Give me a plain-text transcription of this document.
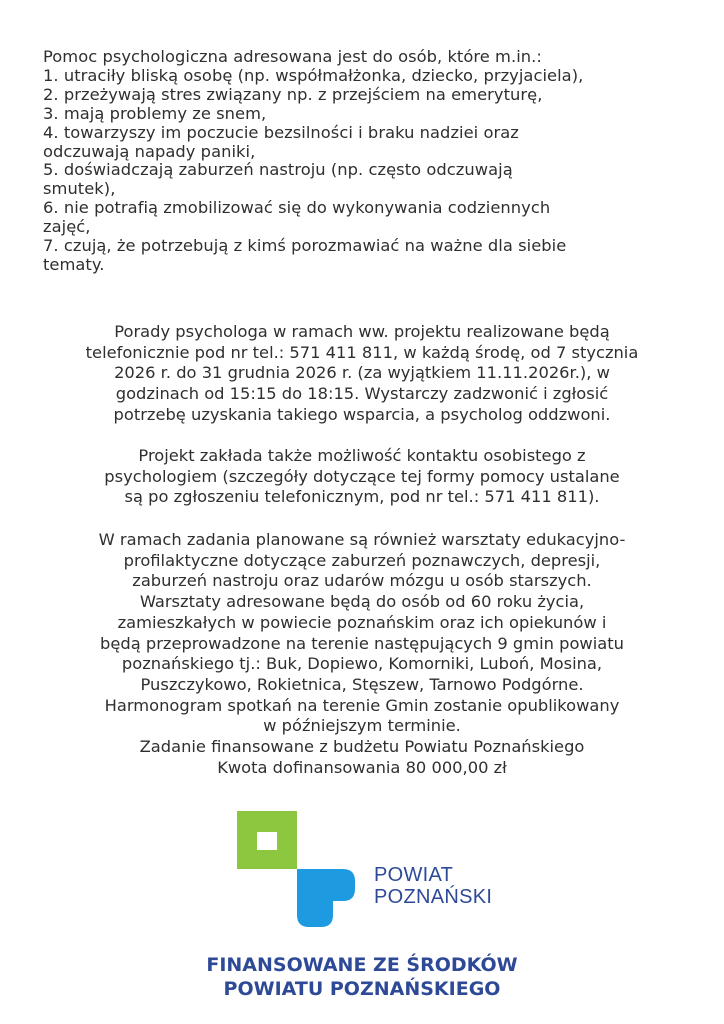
Pomoc psychologiczna adresowana jest do osób, które m.in.:
1. utraciły bliską osobę (np. współmałżonka, dziecko, przyjaciela),
2. przeżywają stres związany np. z przejściem na emeryturę,
3. mają problemy ze snem,
4. towarzyszy im poczucie bezsilności i braku nadziei oraz
odczuwają napady paniki,
5. doświadczają zaburzeń nastroju (np. często odczuwają
smutek),
6. nie potrafią zmobilizować się do wykonywania codziennych
zajęć,
7. czują, że potrzebują z kimś porozmawiać na ważne dla siebie
tematy.
Porady psychologa w ramach ww. projektu realizowane będą
telefonicznie pod nr tel.: 571 411 811, w każdą środę, od 7 stycznia
2026 r. do 31 grudnia 2026 r. (za wyjątkiem 11.11.2026r.), w
godzinach od 15:15 do 18:15. Wystarczy zadzwonić i zgłosić
potrzebę uzyskania takiego wsparcia, a psycholog oddzwoni.
Projekt zakłada także możliwość kontaktu osobistego z
psychologiem (szczegóły dotyczące tej formy pomocy ustalane
są po zgłoszeniu telefonicznym, pod nr tel.: 571 411 811).
W ramach zadania planowane są również warsztaty edukacyjno-
profilaktyczne dotyczące zaburzeń poznawczych, depresji,
zaburzeń nastroju oraz udarów mózgu u osób starszych.
Warsztaty adresowane będą do osób od 60 roku życia,
zamieszkałych w powiecie poznańskim oraz ich opiekunów i
będą przeprowadzone na terenie następujących 9 gmin powiatu
poznańskiego tj.: Buk, Dopiewo, Komorniki, Luboń, Mosina,
Puszczykowo, Rokietnica, Stęszew, Tarnowo Podgórne.
Harmonogram spotkań na terenie Gmin zostanie opublikowany
w późniejszym terminie.
Zadanie finansowane z budżetu Powiatu Poznańskiego
Kwota dofinansowania 80 000,00 zł
POWIAT
POZNAŃSKI
FINANSOWANE ZE ŚRODKÓW
POWIATU POZNAŃSKIEGO
